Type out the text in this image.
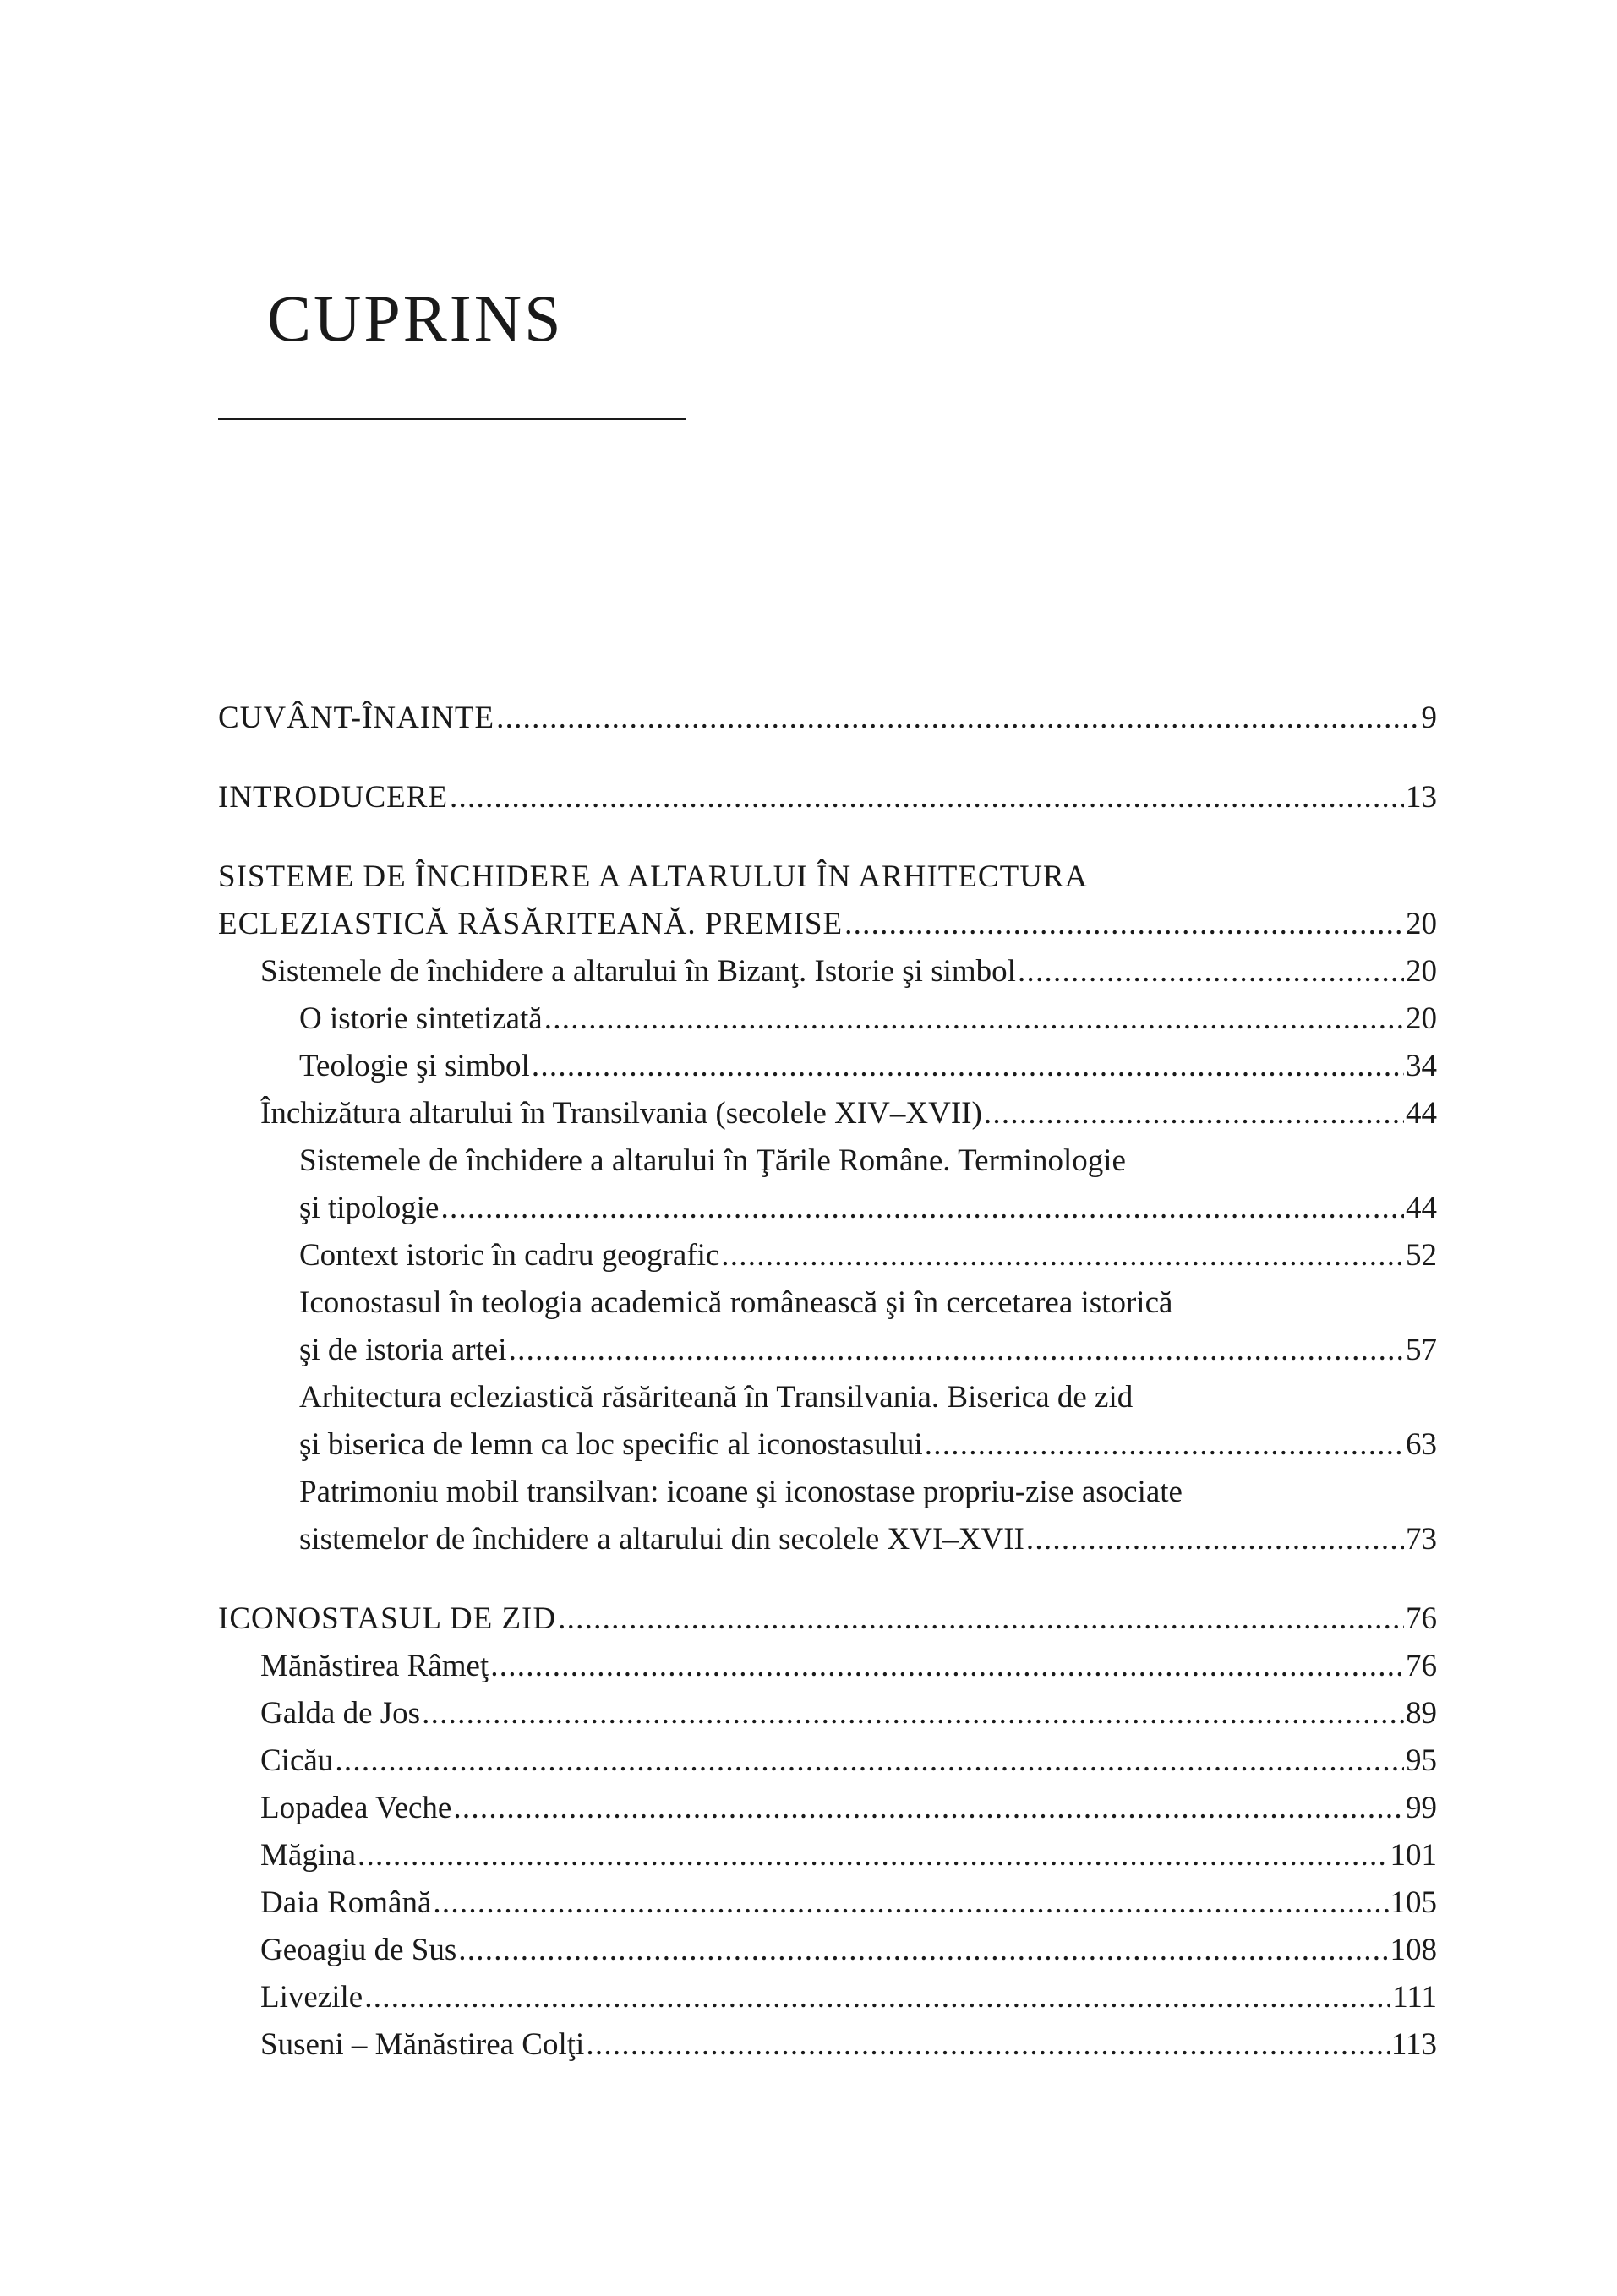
CUPRINS
CUVÂNT-ÎNAINTE . . .	9
INTRODUCERE . . .	13
SISTEME DE ÎNCHIDERE A ALTARULUI ÎN ARHITECTURA
ECLEZIASTICĂ RĂSĂRITEANĂ. PREMISE . . .	20
Sistemele de închidere a altarului în Bizanţ. Istorie şi simbol . . .	20
O istorie sintetizată . . .	20
Teologie şi simbol . . .	34
Închizătura altarului în Transilvania (secolele XIV–XVII) . . .	44
Sistemele de închidere a altarului în Ţările Române. Terminologie
şi tipologie . . .	44
Context istoric în cadru geografic . . .	52
Iconostasul în teologia academică românească şi în cercetarea istorică
şi de istoria artei . . .	57
Arhitectura ecleziastică răsăriteană în Transilvania. Biserica de zid
şi biserica de lemn ca loc specific al iconostasului . . .	63
Patrimoniu mobil transilvan: icoane şi iconostase propriu-zise asociate
sistemelor de închidere a altarului din secolele XVI–XVII . . .	73
ICONOSTASUL DE ZID . . .	76
Mănăstirea Râmeţ . . .	76
Galda de Jos . . .	89
Cicău . . .	95
Lopadea Veche . . .	99
Măgina . . .	101
Daia Română . . .	105
Geoagiu de Sus . . .	108
Livezile . . .	111
Suseni – Mănăstirea Colţi . . .	113
